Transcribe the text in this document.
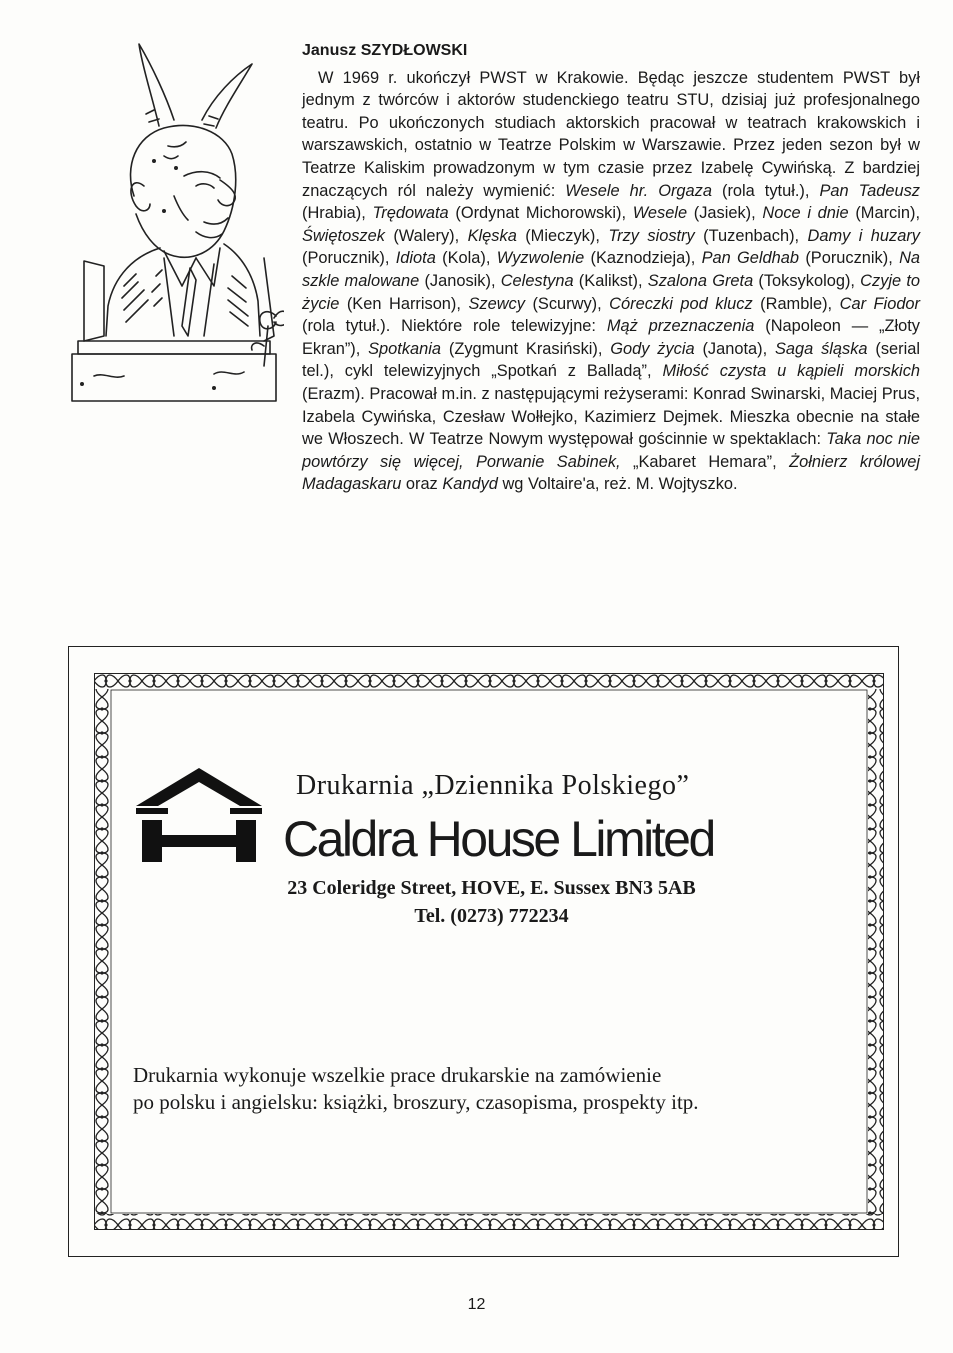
Janusz SZYDŁOWSKI

W 1969 r. ukończył PWST w Krakowie. Będąc jeszcze studentem PWST był jednym z twórców i aktorów studenckiego teatru STU, dzisiaj już profesjonalnego teatru. Po ukończonych studiach aktorskich pracował w teatrach krakowskich i warszawskich, ostatnio w Teatrze Polskim w Warszawie. Przez jeden sezon był w Teatrze Kaliskim prowadzonym w tym czasie przez Izabelę Cywińską. Z bardziej znaczących ról należy wymienić: Wesele hr. Orgaza (rola tytuł.), Pan Tadeusz (Hrabia), Trędowata (Ordynat Michorowski), Wesele (Jasiek), Noce i dnie (Marcin), Świętoszek (Walery), Klęska (Mieczyk), Trzy siostry (Tuzenbach), Damy i huzary (Porucznik), Idiota (Kola), Wyzwolenie (Kaznodzieja), Pan Geldhab (Porucznik), Na szkle malowane (Janosik), Celestyna (Kalikst), Szalona Greta (Toksykolog), Czyje to życie (Ken Harrison), Szewcy (Scurwy), Córeczki pod klucz (Ramble), Car Fiodor (rola tytuł.). Niektóre role telewizyjne: Mąż przeznaczenia (Napoleon — „Złoty Ekran”), Spotkania (Zygmunt Krasiński), Gody życia (Janota), Saga śląska (serial tel.), cykl telewizyjnych „Spotkań z Balladą”, Miłość czysta u kąpieli morskich (Erazm). Pracował m.in. z następującymi reżyserami: Konrad Swinarski, Maciej Prus, Izabela Cywińska, Czesław Wołłejko, Kazimierz Dejmek. Mieszka obecnie na stałe we Włoszech. W Teatrze Nowym występował gościnnie w spektaklach: Taka noc nie powtórzy się więcej, Porwanie Sabinek, „Kabaret Hemara”, Żołnierz królowej Madagaskaru oraz Kandyd wg Voltaire'a, reż. M. Wojtyszko.

Drukarnia „Dziennika Polskiego”
Caldra House Limited
23 Coleridge Street, HOVE, E. Sussex BN3 5AB
Tel. (0273) 772234
Drukarnia wykonuje wszelkie prace drukarskie na zamówienie
po polsku i angielsku: książki, broszury, czasopisma, prospekty itp.
12
